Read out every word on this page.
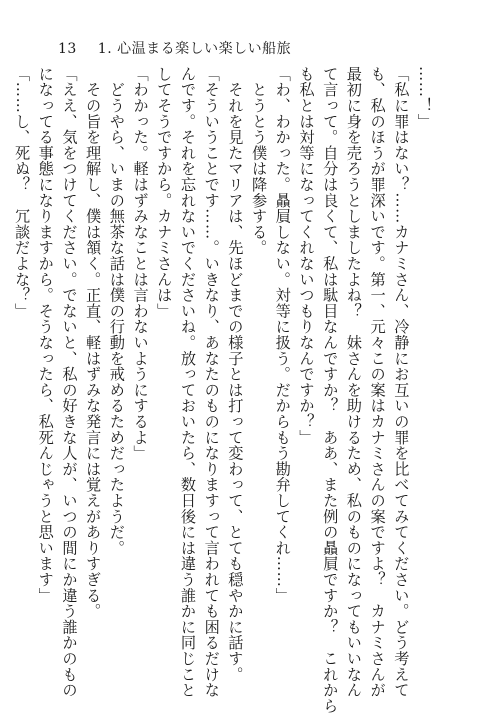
13 1. 心温まる楽しい楽しい船旅
……！」
「私に罪はない？……カナミさん、冷静にお互いの罪を比べてみてください。どう考えて
も、私のほうが罪深いです。第一、元々この案はカナミさんの案ですよ？　カナミさんが
最初に身を売ろうとしましたよね？　妹さんを助けるため、私のものになってもいいなん
て言って。自分は良くて、私は駄目なんですか？　ああ、また例の贔屓ですか？　これから
も私とは対等になってくれないつもりなんですか？」
「わ、わかった。贔屓しない。対等に扱う。だからもう勘弁してくれ……」
　とうとう僕は降参する。
　それを見たマリアは、先ほどまでの様子とは打って変わって、とても穏やかに話す。
「そういうことです……。いきなり、あなたのものになりますって言われても困るだけな
んです。それを忘れないでくださいね。放っておいたら、数日後には違う誰かに同じこと
してそうですから。カナミさんは」
「わかった。軽はずみなことは言わないようにするよ」
　どうやら、いまの無茶な話は僕の行動を戒めるためだったようだ。
　その旨を理解し、僕は頷く。正直、軽はずみな発言には覚えがありすぎる。
「ええ、気をつけてください。でないと、私の好きな人が、いつの間にか違う誰かのもの
になってる事態になりますから。そうなったら、私死んじゃうと思います」
「……し、死ぬ？　冗談だよな？」
